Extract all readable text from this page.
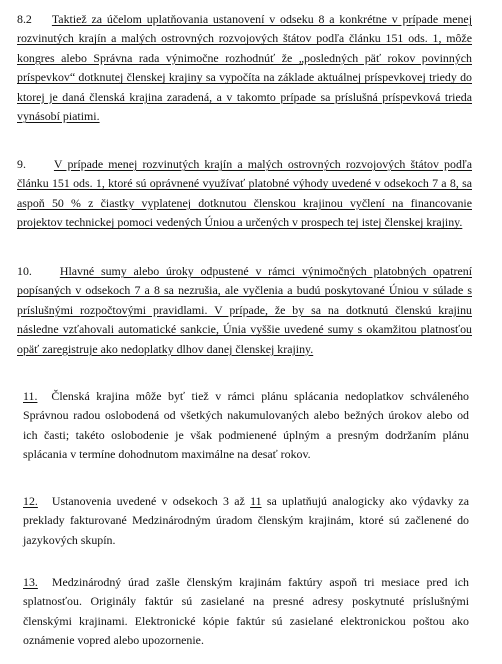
8.2 Taktiež za účelom uplatňovania ustanovení v odseku 8 a konkrétne v prípade menej rozvinutých krajín a malých ostrovných rozvojových štátov podľa článku 151 ods. 1, môže kongres alebo Správna rada výnimočne rozhodnúť že „posledných päť rokov povinných príspevkov“ dotknutej členskej krajiny sa vypočíta na základe aktuálnej príspevkovej triedy do ktorej je daná členská krajina zaradená, a v takomto prípade sa príslušná príspevková trieda vynásobí piatimi.

9. V prípade menej rozvinutých krajín a malých ostrovných rozvojových štátov podľa článku 151 ods. 1, ktoré sú oprávnené využívať platobné výhody uvedené v odsekoch 7 a 8, sa aspoň 50 % z čiastky vyplatenej dotknutou členskou krajinou vyčlení na financovanie projektov technickej pomoci vedených Úniou a určených v prospech tej istej členskej krajiny.

10. Hlavné sumy alebo úroky odpustené v rámci výnimočných platobných opatrení popísaných v odsekoch 7 a 8 sa nezrušia, ale vyčlenia a budú poskytované Úniou v súlade s príslušnými rozpočtovými pravidlami. V prípade, že by sa na dotknutú členskú krajinu následne vzťahovali automatické sankcie, Únia vyššie uvedené sumy s okamžitou platnosťou opäť zaregistruje ako nedoplatky dlhov danej členskej krajiny.

11. Členská krajina môže byť tiež v rámci plánu splácania nedoplatkov schváleného Správnou radou oslobodená od všetkých nakumulovaných alebo bežných úrokov alebo od ich časti; takéto oslobodenie je však podmienené úplným a presným dodržaním plánu splácania v termíne dohodnutom maximálne na desať rokov.

12. Ustanovenia uvedené v odsekoch 3 až 11 sa uplatňujú analogicky ako výdavky za preklady fakturované Medzinárodným úradom členským krajinám, ktoré sú začlenené do jazykových skupín.

13. Medzinárodný úrad zašle členským krajinám faktúry aspoň tri mesiace pred ich splatnosťou. Originály faktúr sú zasielané na presné adresy poskytnuté príslušnými členskými krajinami. Elektronické kópie faktúr sú zasielané elektronickou poštou ako oznámenie vopred alebo upozornenie.
